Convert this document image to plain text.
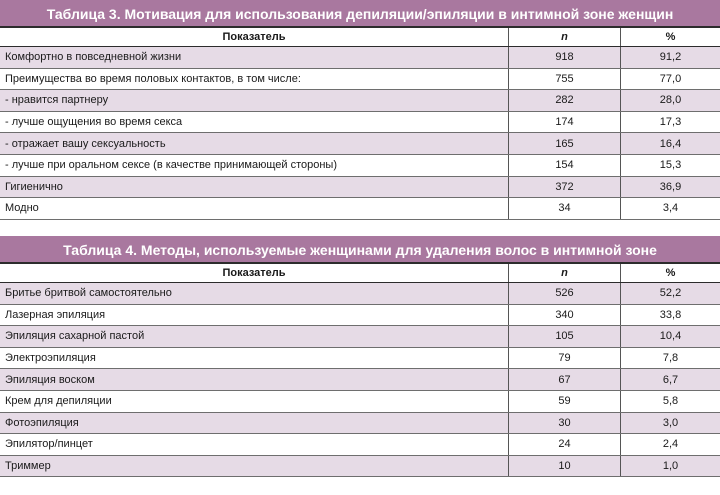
Таблица 3. Мотивация для использования депиляции/эпиляции в интимной зоне женщин
Показатель	n	%
Комфортно в повседневной жизни	918	91,2
Преимущества во время половых контактов, в том числе:	755	77,0
- нравится партнеру	282	28,0
- лучше ощущения во время секса	174	17,3
- отражает вашу сексуальность	165	16,4
- лучше при оральном сексе (в качестве принимающей стороны)	154	15,3
Гигиенично	372	36,9
Модно	34	3,4
Таблица 4. Методы, используемые женщинами для удаления волос в интимной зоне
Показатель	n	%
Бритье бритвой самостоятельно	526	52,2
Лазерная эпиляция	340	33,8
Эпиляция сахарной пастой	105	10,4
Электроэпиляция	79	7,8
Эпиляция воском	67	6,7
Крем для депиляции	59	5,8
Фотоэпиляция	30	3,0
Эпилятор/пинцет	24	2,4
Триммер	10	1,0
